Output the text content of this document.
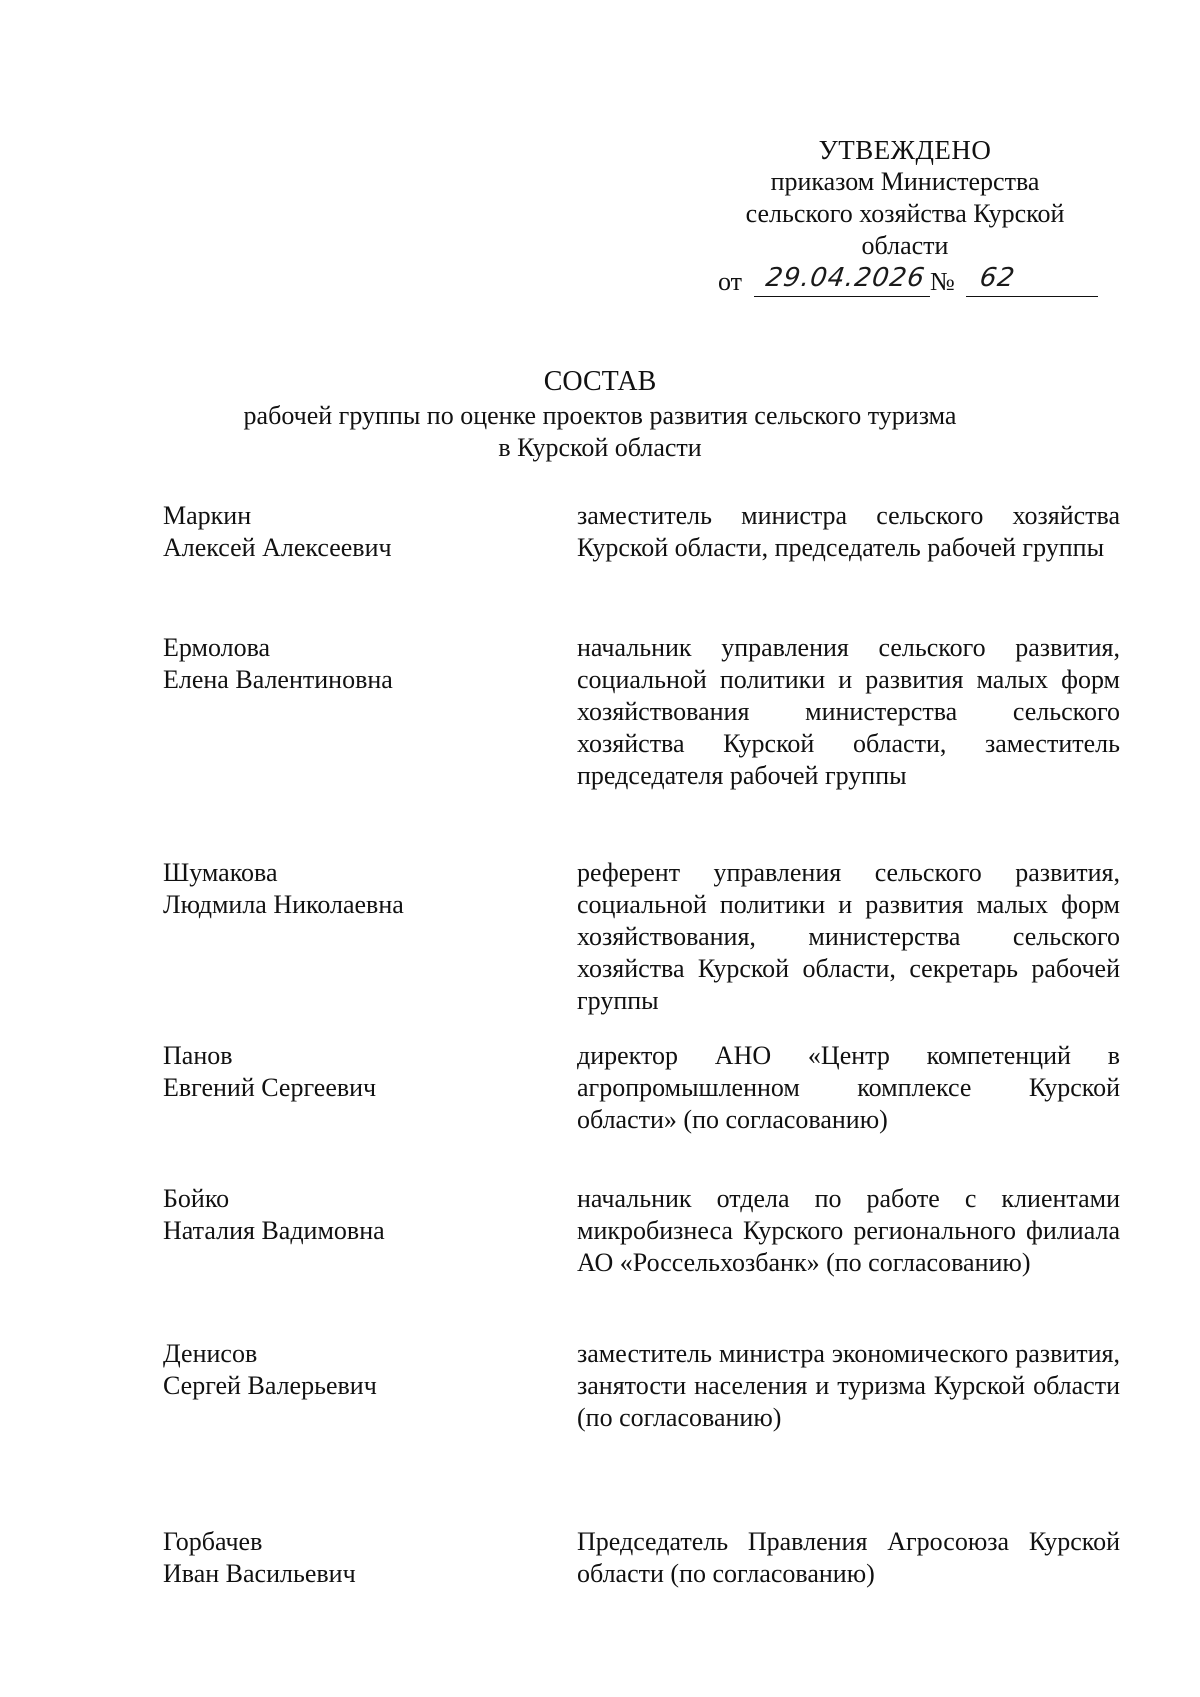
УТВЕЖДЕНО
приказом Министерства
сельского хозяйства Курской
области
от 29.04.2026 № 62
СОСТАВ
рабочей группы по оценке проектов развития сельского туризма
в Курской области
Маркин
Алексей Алексеевич
заместитель министра сельского хозяйства Курской области, председатель рабочей группы
Ермолова
Елена Валентиновна
начальник управления сельского развития, социальной политики и развития малых форм хозяйствования министерства сельского хозяйства Курской области, заместитель председателя рабочей группы
Шумакова
Людмила Николаевна
референт управления сельского развития, социальной политики и развития малых форм хозяйствования, министерства сельского хозяйства Курской области, секретарь рабочей группы
Панов
Евгений Сергеевич
директор АНО «Центр компетенций в агропромышленном комплексе Курской области» (по согласованию)
Бойко
Наталия Вадимовна
начальник отдела по работе с клиентами микробизнеса Курского регионального филиала АО «Россельхозбанк» (по согласованию)
Денисов
Сергей Валерьевич
заместитель министра экономического развития, занятости населения и туризма Курской области (по согласованию)
Горбачев
Иван Васильевич
Председатель Правления Агросоюза Курской области (по согласованию)
